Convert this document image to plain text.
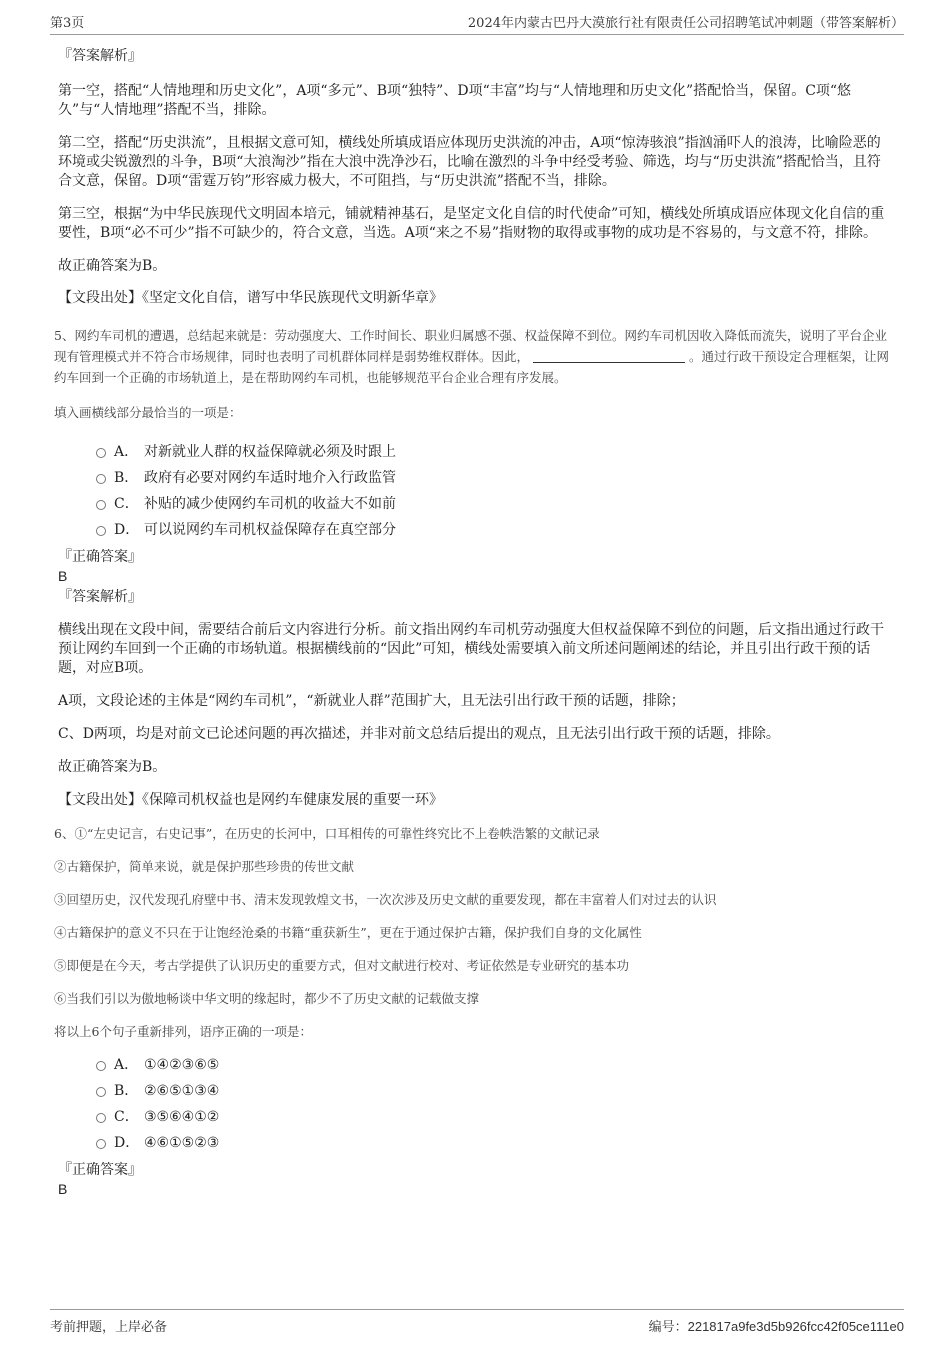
第3页	2024年内蒙古巴丹大漠旅行社有限责任公司招聘笔试冲刺题（带答案解析）

『答案解析』

第一空，搭配“人情地理和历史文化”，A项“多元”、B项“独特”、D项“丰富”均与“人情地理和历史文化”搭配恰当，保留。C项“悠久”与“人情地理”搭配不当，排除。

第二空，搭配“历史洪流”，且根据文意可知，横线处所填成语应体现历史洪流的冲击，A项“惊涛骇浪”指汹涌吓人的浪涛，比喻险恶的环境或尖锐激烈的斗争，B项“大浪淘沙”指在大浪中洗净沙石，比喻在激烈的斗争中经受考验、筛选，均与“历史洪流”搭配恰当，且符合文意，保留。D项“雷霆万钧”形容威力极大，不可阻挡，与“历史洪流”搭配不当，排除。

第三空，根据“为中华民族现代文明固本培元，铺就精神基石，是坚定文化自信的时代使命”可知，横线处所填成语应体现文化自信的重要性，B项“必不可少”指不可缺少的，符合文意，当选。A项“来之不易”指财物的取得或事物的成功是不容易的，与文意不符，排除。

故正确答案为B。

【文段出处】《坚定文化自信，谱写中华民族现代文明新华章》

5、网约车司机的遭遇，总结起来就是：劳动强度大、工作时间长、职业归属感不强、权益保障不到位。网约车司机因收入降低而流失，说明了平台企业现有管理模式并不符合市场规律，同时也表明了司机群体同样是弱势维权群体。因此，	。通过行政干预设定合理框架，让网约车回到一个正确的市场轨道上，是在帮助网约车司机，也能够规范平台企业合理有序发展。

填入画横线部分最恰当的一项是：

A． 对新就业人群的权益保障就必须及时跟上
B． 政府有必要对网约车适时地介入行政监管
C． 补贴的减少使网约车司机的收益大不如前
D． 可以说网约车司机权益保障存在真空部分

『正确答案』

B

『答案解析』

横线出现在文段中间，需要结合前后文内容进行分析。前文指出网约车司机劳动强度大但权益保障不到位的问题，后文指出通过行政干预让网约车回到一个正确的市场轨道。根据横线前的“因此”可知，横线处需要填入前文所述问题阐述的结论，并且引出行政干预的话题，对应B项。

A项，文段论述的主体是“网约车司机”，“新就业人群”范围扩大，且无法引出行政干预的话题，排除；

C、D两项，均是对前文已论述问题的再次描述，并非对前文总结后提出的观点，且无法引出行政干预的话题，排除。

故正确答案为B。

【文段出处】《保障司机权益也是网约车健康发展的重要一环》

6、①“左史记言，右史记事”，在历史的长河中，口耳相传的可靠性终究比不上卷帙浩繁的文献记录

②古籍保护，简单来说，就是保护那些珍贵的传世文献

③回望历史，汉代发现孔府壁中书、清末发现敦煌文书，一次次涉及历史文献的重要发现，都在丰富着人们对过去的认识

④古籍保护的意义不只在于让饱经沧桑的书籍“重获新生”，更在于通过保护古籍，保护我们自身的文化属性

⑤即便是在今天，考古学提供了认识历史的重要方式，但对文献进行校对、考证依然是专业研究的基本功

⑥当我们引以为傲地畅谈中华文明的缘起时，都少不了历史文献的记载做支撑

将以上6个句子重新排列，语序正确的一项是：

A． ①④②③⑥⑤
B． ②⑥⑤①③④
C． ③⑤⑥④①②
D． ④⑥①⑤②③

『正确答案』

B

考前押题，上岸必备	编号：221817a9fe3d5b926fcc42f05ce111e0
